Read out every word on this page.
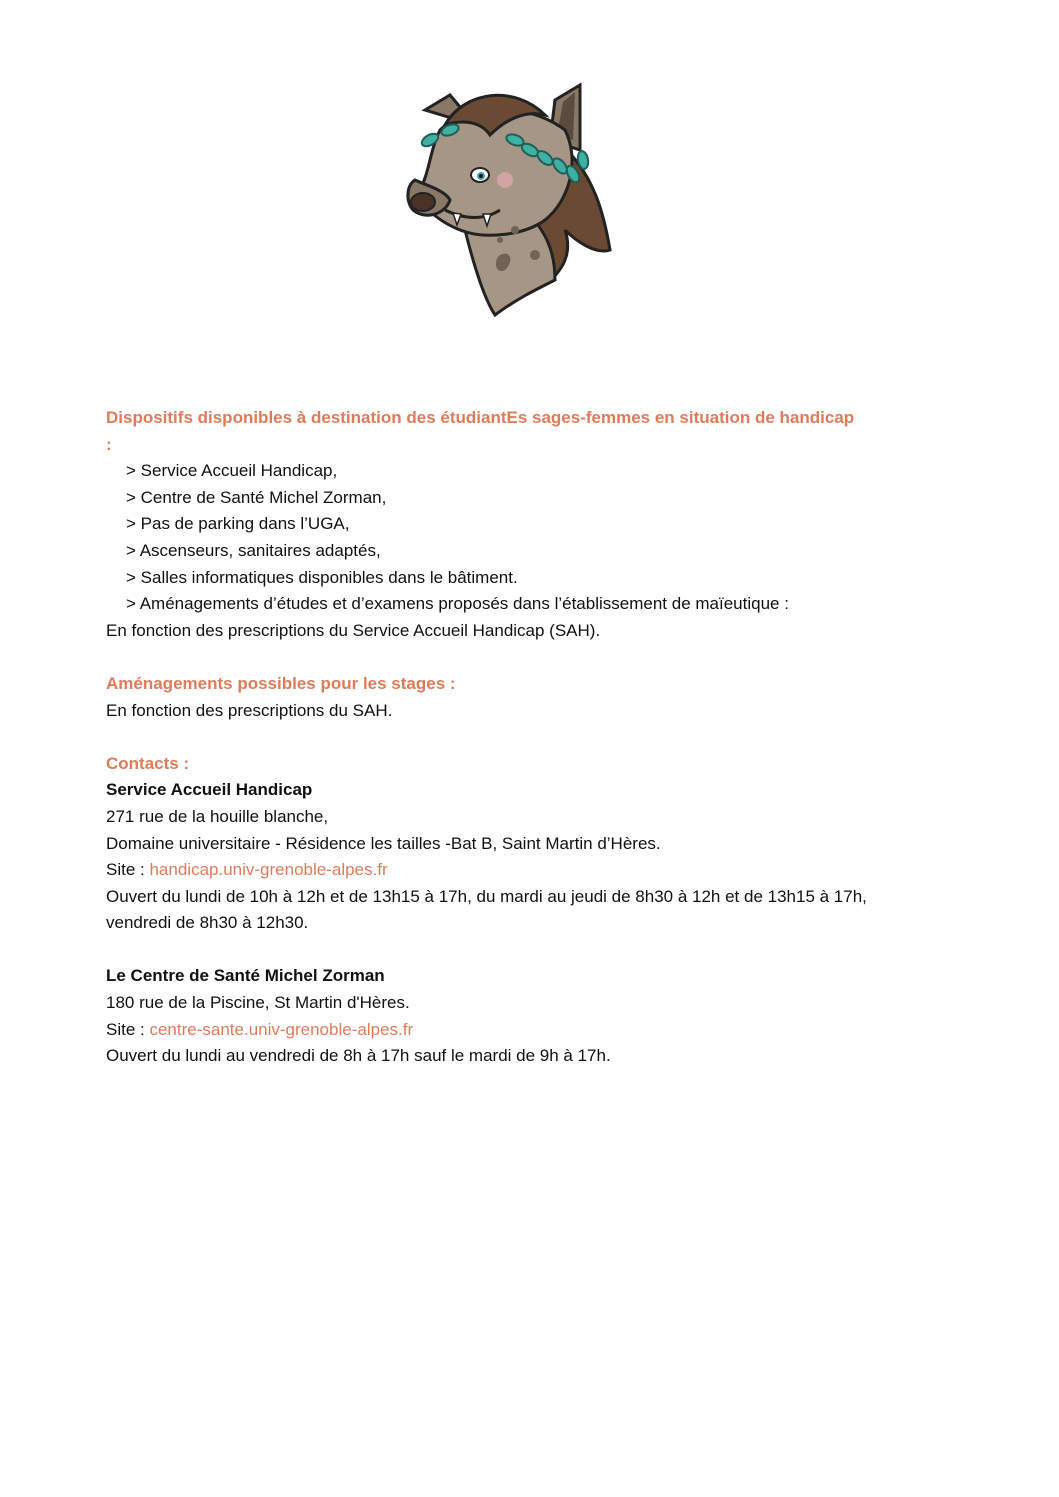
Dispositifs disponibles à destination des étudiantEs sages-femmes en situation de handicap

:

> Service Accueil Handicap,

> Centre de Santé Michel Zorman,

> Pas de parking dans l’UGA,

> Ascenseurs, sanitaires adaptés,

> Salles informatiques disponibles dans le bâtiment.

> Aménagements d’études et d’examens proposés dans l’établissement de maïeutique :

En fonction des prescriptions du Service Accueil Handicap (SAH).

Aménagements possibles pour les stages :

En fonction des prescriptions du SAH.

Contacts :

Service Accueil Handicap

271 rue de la houille blanche,

Domaine universitaire - Résidence les tailles -Bat B, Saint Martin d’Hères.

Site : handicap.univ-grenoble-alpes.fr

Ouvert du lundi de 10h à 12h et de 13h15 à 17h, du mardi au jeudi de 8h30 à 12h et de 13h15 à 17h,

vendredi de 8h30 à 12h30.

Le Centre de Santé Michel Zorman

180 rue de la Piscine, St Martin d'Hères.

Site : centre-sante.univ-grenoble-alpes.fr

Ouvert du lundi au vendredi de 8h à 17h sauf le mardi de 9h à 17h.
